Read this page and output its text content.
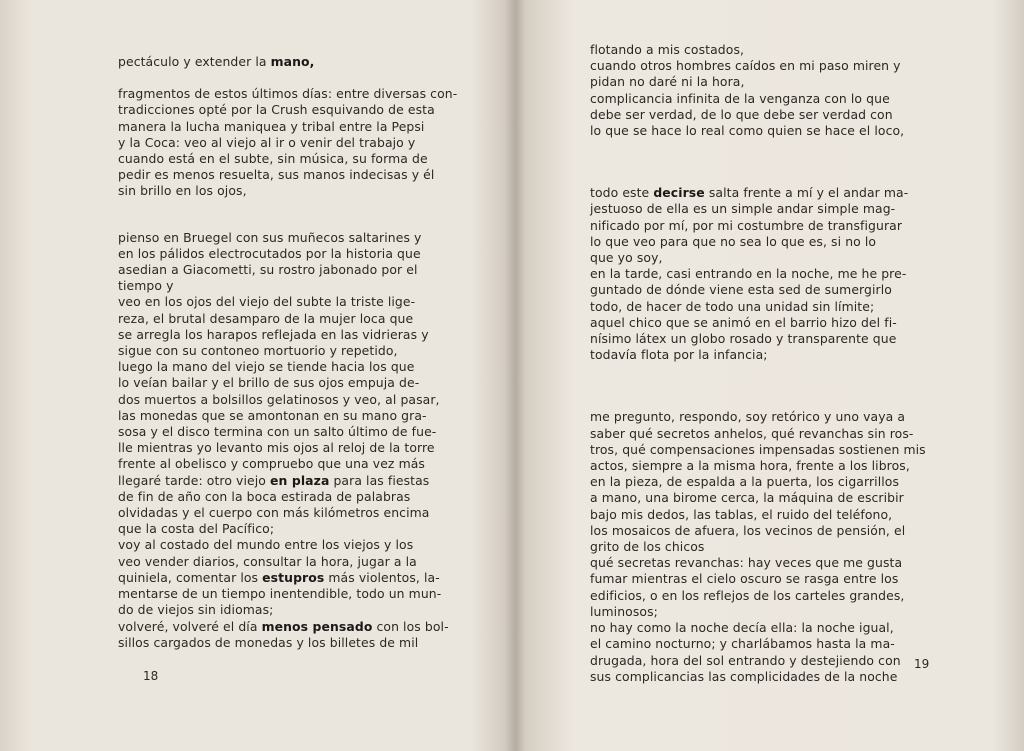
pectáculo y extender la mano,
fragmentos de estos últimos días: entre diversas con-
tradicciones opté por la Crush esquivando de esta
manera la lucha maniquea y tribal entre la Pepsi
y la Coca: veo al viejo al ir o venir del trabajo y
cuando está en el subte, sin música, su forma de
pedir es menos resuelta, sus manos indecisas y él
sin brillo en los ojos,
pienso en Bruegel con sus muñecos saltarines y
en los pálidos electrocutados por la historia que
asedian a Giacometti, su rostro jabonado por el
tiempo y
veo en los ojos del viejo del subte la triste lige-
reza, el brutal desamparo de la mujer loca que
se arregla los harapos reflejada en las vidrieras y
sigue con su contoneo mortuorio y repetido,
luego la mano del viejo se tiende hacia los que
lo veían bailar y el brillo de sus ojos empuja de-
dos muertos a bolsillos gelatinosos y veo, al pasar,
las monedas que se amontonan en su mano gra-
sosa y el disco termina con un salto último de fue-
lle mientras yo levanto mis ojos al reloj de la torre
frente al obelisco y compruebo que una vez más
llegaré tarde: otro viejo en plaza para las fiestas
de fin de año con la boca estirada de palabras
olvidadas y el cuerpo con más kilómetros encima
que la costa del Pacífico;
voy al costado del mundo entre los viejos y los
veo vender diarios, consultar la hora, jugar a la
quiniela, comentar los estupros más violentos, la-
mentarse de un tiempo inentendible, todo un mun-
do de viejos sin idiomas;
volveré, volveré el día menos pensado con los bol-
sillos cargados de monedas y los billetes de mil
18
flotando a mis costados,
cuando otros hombres caídos en mi paso miren y
pidan no daré ni la hora,
complicancia infinita de la venganza con lo que
debe ser verdad, de lo que debe ser verdad con
lo que se hace lo real como quien se hace el loco,
todo este decirse salta frente a mí y el andar ma-
jestuoso de ella es un simple andar simple mag-
nificado por mí, por mi costumbre de transfigurar
lo que veo para que no sea lo que es, si no lo
que yo soy,
en la tarde, casi entrando en la noche, me he pre-
guntado de dónde viene esta sed de sumergirlo
todo, de hacer de todo una unidad sin límite;
aquel chico que se animó en el barrio hizo del fi-
nísimo látex un globo rosado y transparente que
todavía flota por la infancia;
me pregunto, respondo, soy retórico y uno vaya a
saber qué secretos anhelos, qué revanchas sin ros-
tros, qué compensaciones impensadas sostienen mis
actos, siempre a la misma hora, frente a los libros,
en la pieza, de espalda a la puerta, los cigarrillos
a mano, una birome cerca, la máquina de escribir
bajo mis dedos, las tablas, el ruido del teléfono,
los mosaicos de afuera, los vecinos de pensión, el
grito de los chicos
qué secretas revanchas: hay veces que me gusta
fumar mientras el cielo oscuro se rasga entre los
edificios, o en los reflejos de los carteles grandes,
luminosos;
no hay como la noche decía ella: la noche igual,
el camino nocturno; y charlábamos hasta la ma-
drugada, hora del sol entrando y destejiendo con
sus complicancias las complicidades de la noche
19
